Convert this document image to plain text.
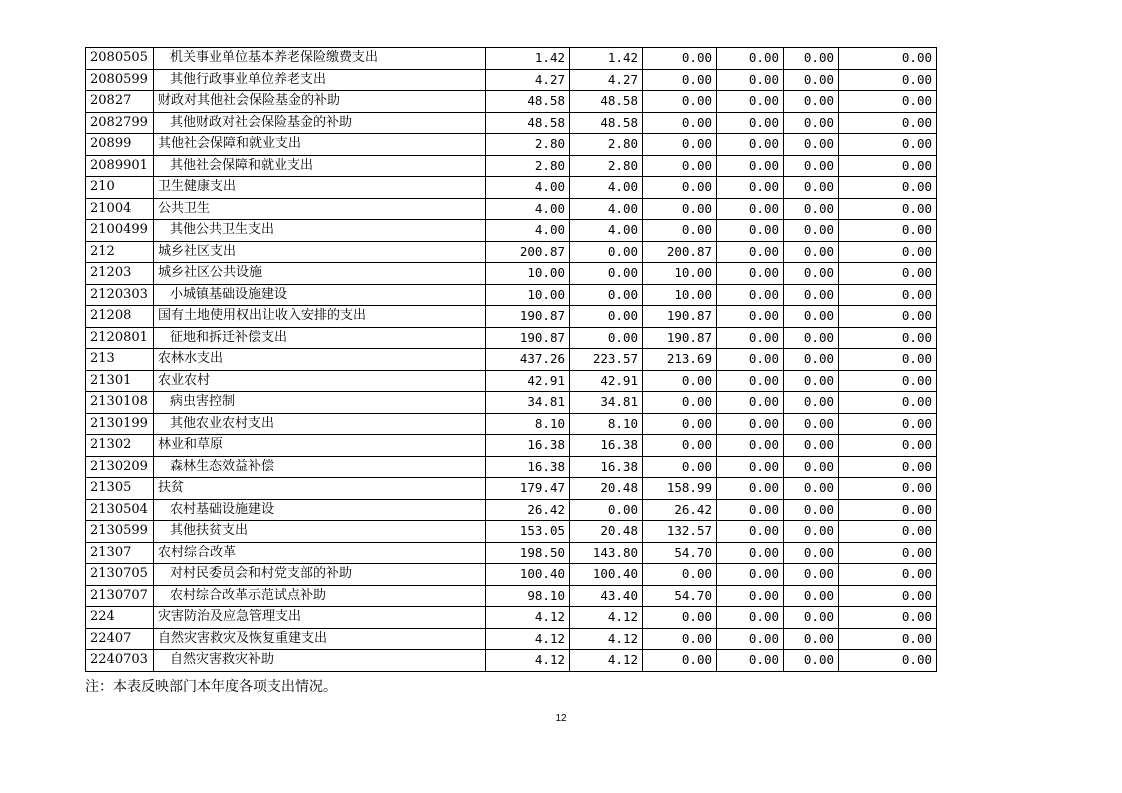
2080505	机关事业单位基本养老保险缴费支出	1.42	1.42	0.00	0.00	0.00	0.00
2080599	其他行政事业单位养老支出	4.27	4.27	0.00	0.00	0.00	0.00
20827	财政对其他社会保险基金的补助	48.58	48.58	0.00	0.00	0.00	0.00
2082799	其他财政对社会保险基金的补助	48.58	48.58	0.00	0.00	0.00	0.00
20899	其他社会保障和就业支出	2.80	2.80	0.00	0.00	0.00	0.00
2089901	其他社会保障和就业支出	2.80	2.80	0.00	0.00	0.00	0.00
210	卫生健康支出	4.00	4.00	0.00	0.00	0.00	0.00
21004	公共卫生	4.00	4.00	0.00	0.00	0.00	0.00
2100499	其他公共卫生支出	4.00	4.00	0.00	0.00	0.00	0.00
212	城乡社区支出	200.87	0.00	200.87	0.00	0.00	0.00
21203	城乡社区公共设施	10.00	0.00	10.00	0.00	0.00	0.00
2120303	小城镇基础设施建设	10.00	0.00	10.00	0.00	0.00	0.00
21208	国有土地使用权出让收入安排的支出	190.87	0.00	190.87	0.00	0.00	0.00
2120801	征地和拆迁补偿支出	190.87	0.00	190.87	0.00	0.00	0.00
213	农林水支出	437.26	223.57	213.69	0.00	0.00	0.00
21301	农业农村	42.91	42.91	0.00	0.00	0.00	0.00
2130108	病虫害控制	34.81	34.81	0.00	0.00	0.00	0.00
2130199	其他农业农村支出	8.10	8.10	0.00	0.00	0.00	0.00
21302	林业和草原	16.38	16.38	0.00	0.00	0.00	0.00
2130209	森林生态效益补偿	16.38	16.38	0.00	0.00	0.00	0.00
21305	扶贫	179.47	20.48	158.99	0.00	0.00	0.00
2130504	农村基础设施建设	26.42	0.00	26.42	0.00	0.00	0.00
2130599	其他扶贫支出	153.05	20.48	132.57	0.00	0.00	0.00
21307	农村综合改革	198.50	143.80	54.70	0.00	0.00	0.00
2130705	对村民委员会和村党支部的补助	100.40	100.40	0.00	0.00	0.00	0.00
2130707	农村综合改革示范试点补助	98.10	43.40	54.70	0.00	0.00	0.00
224	灾害防治及应急管理支出	4.12	4.12	0.00	0.00	0.00	0.00
22407	自然灾害救灾及恢复重建支出	4.12	4.12	0.00	0.00	0.00	0.00
2240703	自然灾害救灾补助	4.12	4.12	0.00	0.00	0.00	0.00
注：本表反映部门本年度各项支出情况。
12
